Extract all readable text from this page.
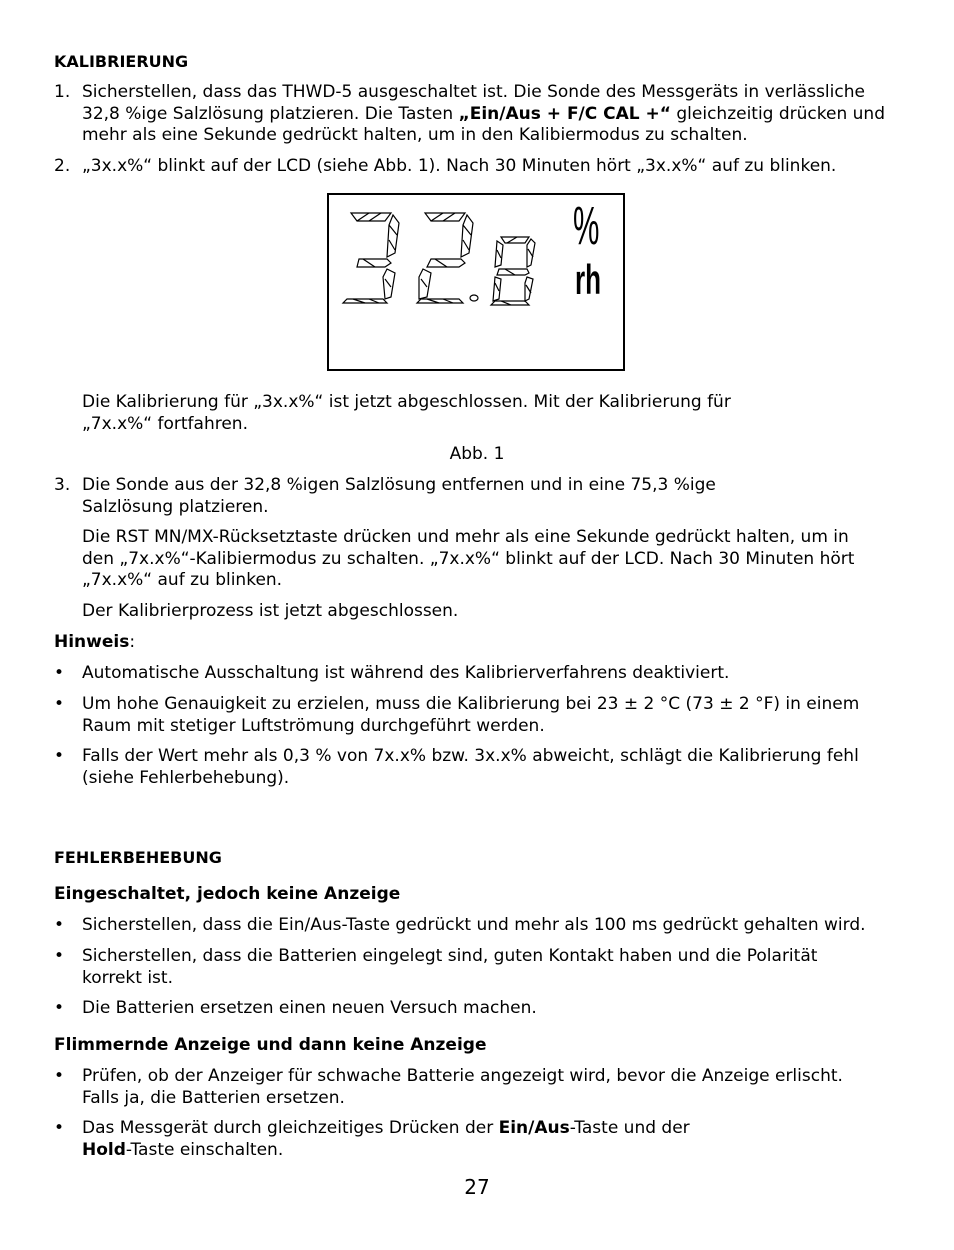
KALIBRIERUNG
1. Sicherstellen, dass das THWD-5 ausgeschaltet ist. Die Sonde des Messgeräts in verlässliche
32,8 %ige Salzlösung platzieren. Die Tasten „Ein/Aus + F/C CAL +“ gleichzeitig drücken und
mehr als eine Sekunde gedrückt halten, um in den Kalibiermodus zu schalten.
2. „3x.x%“ blinkt auf der LCD (siehe Abb. 1). Nach 30 Minuten hört „3x.x%“ auf zu blinken.
%
rh
Die Kalibrierung für „3x.x%“ ist jetzt abgeschlossen. Mit der Kalibrierung für
„7x.x%“ fortfahren.
Abb. 1
3. Die Sonde aus der 32,8 %igen Salzlösung entfernen und in eine 75,3 %ige
Salzlösung platzieren.
Die RST MN/MX-Rücksetztaste drücken und mehr als eine Sekunde gedrückt halten, um in
den „7x.x%“-Kalibiermodus zu schalten. „7x.x%“ blinkt auf der LCD. Nach 30 Minuten hört
„7x.x%“ auf zu blinken.
Der Kalibrierprozess ist jetzt abgeschlossen.
Hinweis:
• Automatische Ausschaltung ist während des Kalibrierverfahrens deaktiviert.
• Um hohe Genauigkeit zu erzielen, muss die Kalibrierung bei 23 ± 2 °C (73 ± 2 °F) in einem
Raum mit stetiger Luftströmung durchgeführt werden.
• Falls der Wert mehr als 0,3 % von 7x.x% bzw. 3x.x% abweicht, schlägt die Kalibrierung fehl
(siehe Fehlerbehebung).
FEHLERBEHEBUNG
Eingeschaltet, jedoch keine Anzeige
• Sicherstellen, dass die Ein/Aus-Taste gedrückt und mehr als 100 ms gedrückt gehalten wird.
• Sicherstellen, dass die Batterien eingelegt sind, guten Kontakt haben und die Polarität
korrekt ist.
• Die Batterien ersetzen einen neuen Versuch machen.
Flimmernde Anzeige und dann keine Anzeige
• Prüfen, ob der Anzeiger für schwache Batterie angezeigt wird, bevor die Anzeige erlischt.
Falls ja, die Batterien ersetzen.
• Das Messgerät durch gleichzeitiges Drücken der Ein/Aus-Taste und der
Hold-Taste einschalten.
27
